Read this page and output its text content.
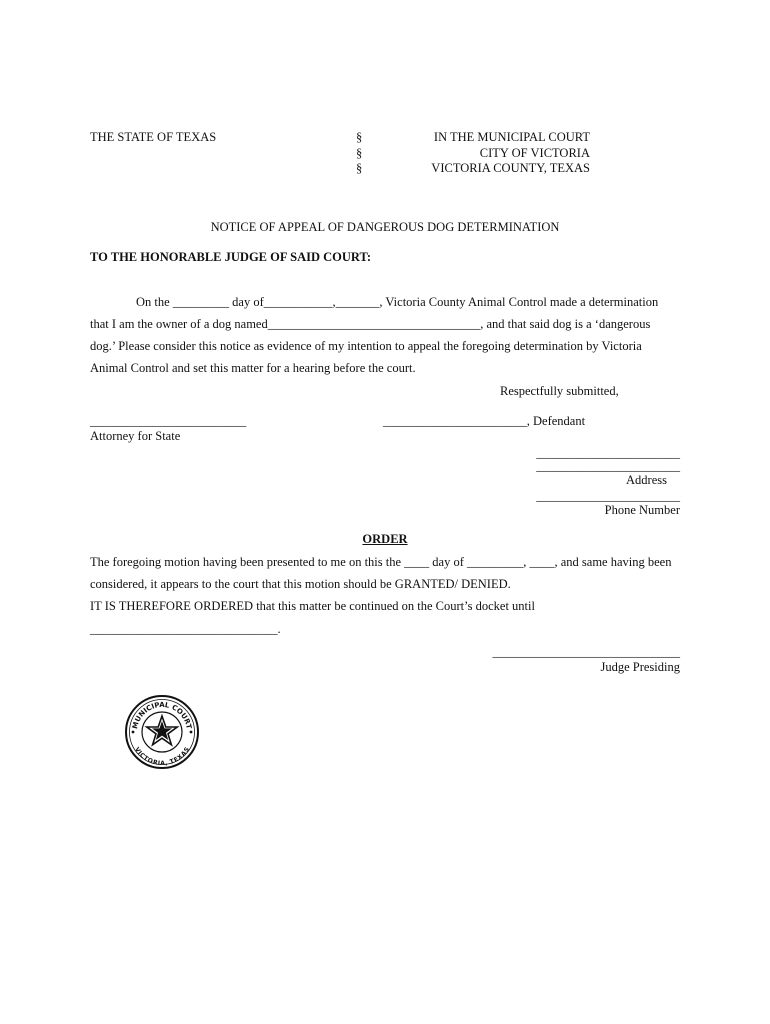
THE STATE OF TEXAS	§
§
§
IN THE MUNICIPAL COURT
CITY OF VICTORIA
VICTORIA COUNTY, TEXAS
NOTICE OF APPEAL OF DANGEROUS DOG DETERMINATION
TO THE HONORABLE JUDGE OF SAID COURT:
On the _________ day of___________,_______, Victoria County Animal Control made a determination
that I am the owner of a dog named__________________________________, and that said dog is a ‘dangerous
dog.’ Please consider this notice as evidence of my intention to appeal the foregoing determination by Victoria
Animal Control and set this matter for a hearing before the court.
Respectfully submitted,
_________________________
Attorney for State
_______________________, Defendant
_______________________
_______________________
Address
_______________________
Phone Number
ORDER
The foregoing motion having been presented to me on this the ____ day of _________, ____, and same having been
considered, it appears to the court that this motion should be GRANTED/ DENIED.
IT IS THEREFORE ORDERED that this matter be continued on the Court’s docket until
______________________________.
______________________________
Judge Presiding
MUNICIPAL COURT
VICTORIA, TEXAS
